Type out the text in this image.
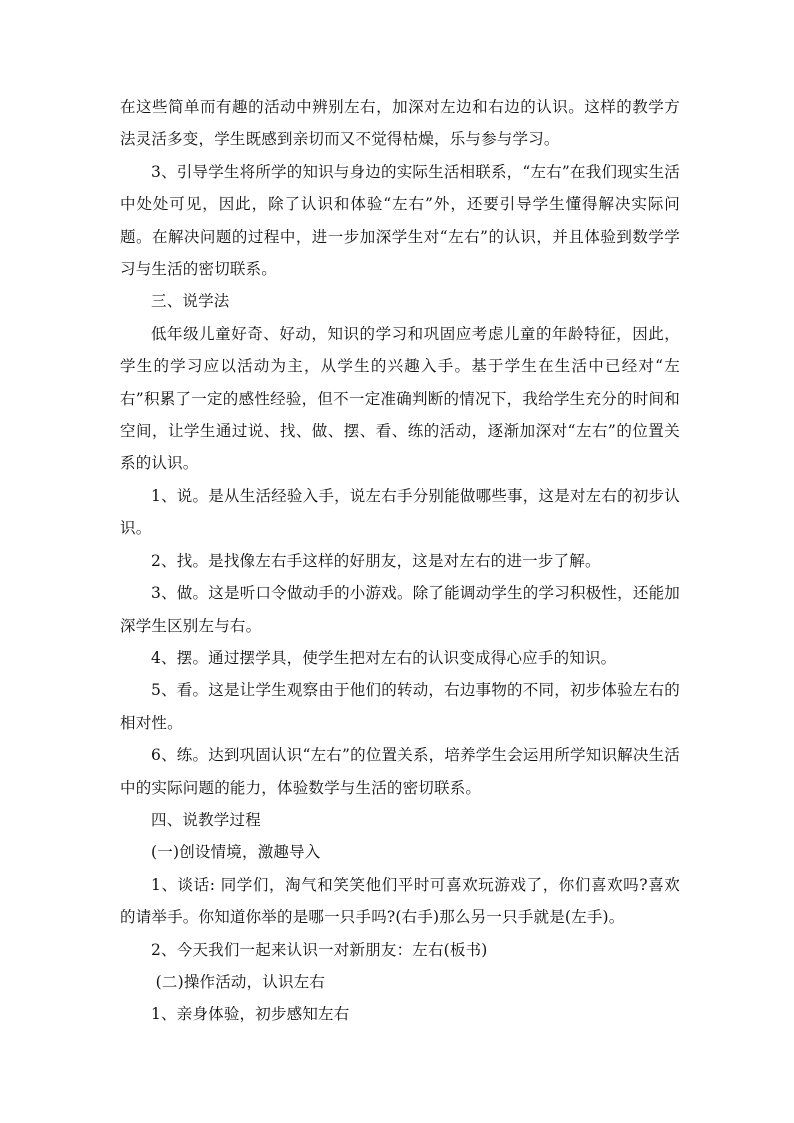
在这些简单而有趣的活动中辨别左右，加深对左边和右边的认识。这样的教学方法灵活多变，学生既感到亲切而又不觉得枯燥，乐与参与学习。

3、引导学生将所学的知识与身边的实际生活相联系，“左右”在我们现实生活中处处可见，因此，除了认识和体验“左右”外，还要引导学生懂得解决实际问题。在解决问题的过程中，进一步加深学生对“左右”的认识，并且体验到数学学习与生活的密切联系。

三、说学法

低年级儿童好奇、好动，知识的学习和巩固应考虑儿童的年龄特征，因此，学生的学习应以活动为主，从学生的兴趣入手。基于学生在生活中已经对“左右”积累了一定的感性经验，但不一定准确判断的情况下，我给学生充分的时间和空间，让学生通过说、找、做、摆、看、练的活动，逐渐加深对“左右”的位置关系的认识。

1、说。是从生活经验入手，说左右手分别能做哪些事，这是对左右的初步认识。

2、找。是找像左右手这样的好朋友，这是对左右的进一步了解。

3、做。这是听口令做动手的小游戏。除了能调动学生的学习积极性，还能加深学生区别左与右。

4、摆。通过摆学具，使学生把对左右的认识变成得心应手的知识。

5、看。这是让学生观察由于他们的转动，右边事物的不同，初步体验左右的相对性。

6、练。达到巩固认识“左右”的位置关系，培养学生会运用所学知识解决生活中的实际问题的能力，体验数学与生活的密切联系。

四、说教学过程

(一)创设情境，激趣导入

1、谈话: 同学们，淘气和笑笑他们平时可喜欢玩游戏了，你们喜欢吗?喜欢的请举手。你知道你举的是哪一只手吗?(右手)那么另一只手就是(左手)。

2、今天我们一起来认识一对新朋友：左右(板书)

(二)操作活动，认识左右

1、亲身体验，初步感知左右
